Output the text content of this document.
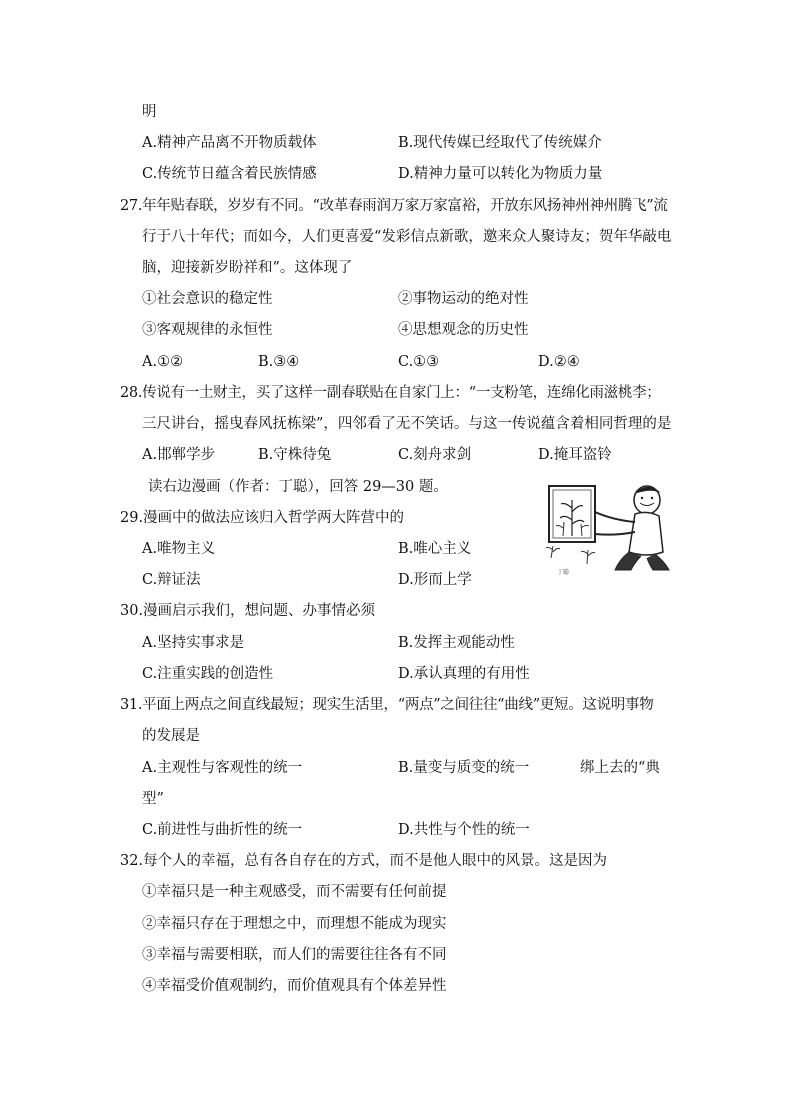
明
A.精神产品离不开物质载体	B.现代传媒已经取代了传统媒介
C.传统节日蕴含着民族情感	D.精神力量可以转化为物质力量
27.年年贴春联，岁岁有不同。“改革春雨润万家万家富裕，开放东风扬神州神州腾飞”流
行于八十年代；而如今，人们更喜爱“发彩信点新歌，邀来众人聚诗友；贺年华敲电
脑，迎接新岁盼祥和”。这体现了
①社会意识的稳定性	②事物运动的绝对性
③客观规律的永恒性	④思想观念的历史性
A.①②	B.③④	C.①③	D.②④
28.传说有一土财主，买了这样一副春联贴在自家门上：“一支粉笔，连绵化雨滋桃李；
三尺讲台，摇曳春风抚栋梁”，四邻看了无不笑话。与这一传说蕴含着相同哲理的是
A.邯郸学步	B.守株待兔	C.刻舟求剑	D.掩耳盗铃
读右边漫画（作者：丁聪），回答 29—30 题。
丁聪
29.漫画中的做法应该归入哲学两大阵营中的
A.唯物主义	B.唯心主义
C.辩证法	D.形而上学
30.漫画启示我们，想问题、办事情必须
A.坚持实事求是	B.发挥主观能动性
C.注重实践的创造性	D.承认真理的有用性
31.平面上两点之间直线最短；现实生活里，“两点”之间往往“曲线”更短。这说明事物
的发展是
A.主观性与客观性的统一	B.量变与质变的统一	绑上去的“典
型”
C.前进性与曲折性的统一	D.共性与个性的统一
32.每个人的幸福，总有各自存在的方式，而不是他人眼中的风景。这是因为
①幸福只是一种主观感受，而不需要有任何前提
②幸福只存在于理想之中，而理想不能成为现实
③幸福与需要相联，而人们的需要往往各有不同
④幸福受价值观制约，而价值观具有个体差异性
